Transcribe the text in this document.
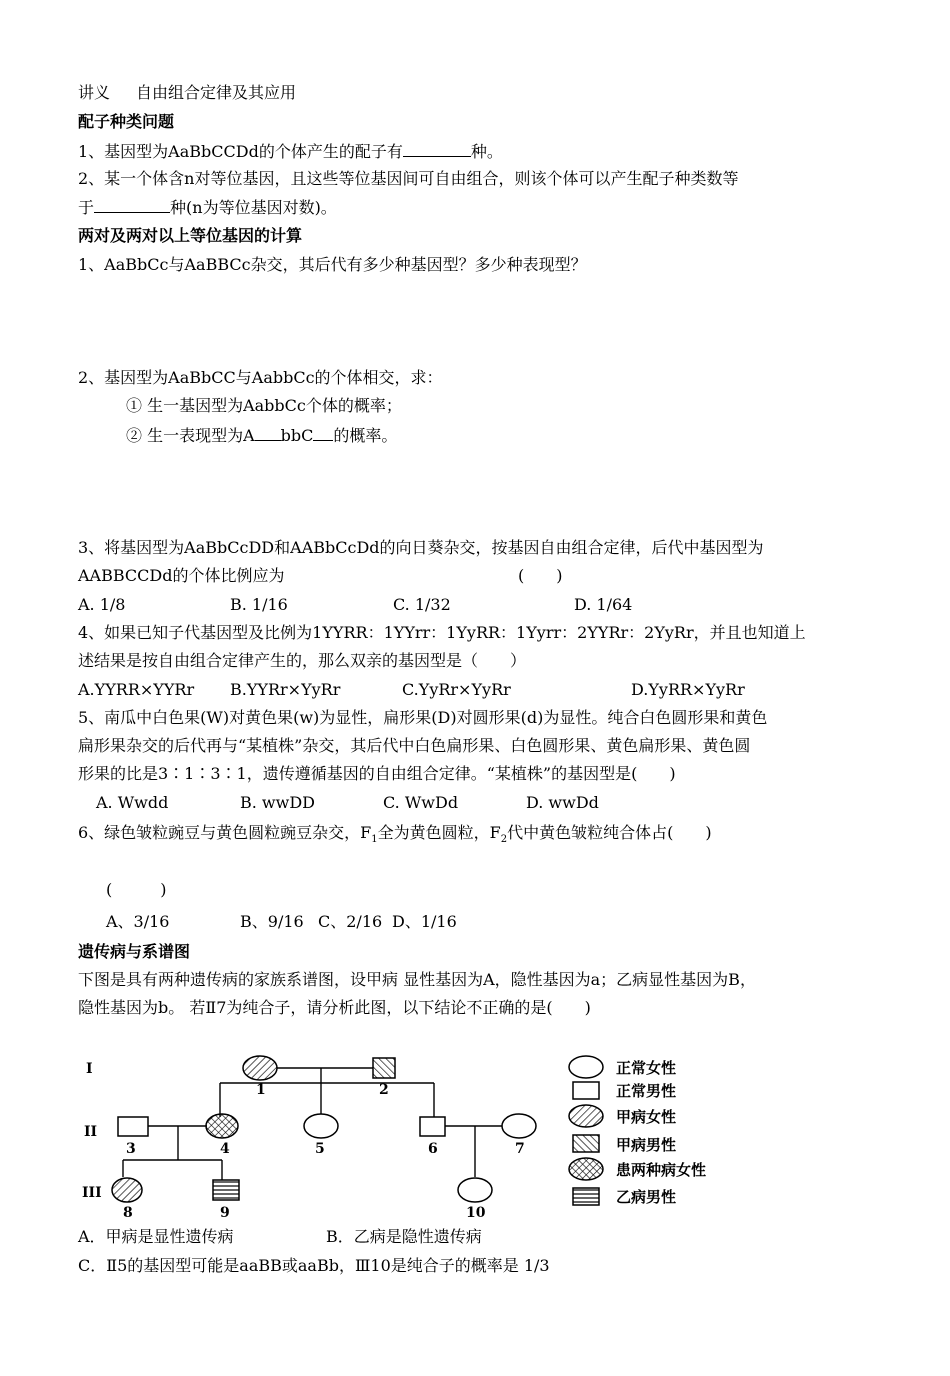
讲义 自由组合定律及其应用
配子种类问题
1、基因型为AaBbCCDd的个体产生的配子有	种。
2、某一个体含n对等位基因，且这些等位基因间可自由组合，则该个体可以产生配子种类数等
于	种(n为等位基因对数)。
两对及两对以上等位基因的计算
1、AaBbCc与AaBBCc杂交，其后代有多少种基因型？多少种表现型？
2、基因型为AaBbCC与AabbCc的个体相交，求：
① 生一基因型为AabbCc个体的概率；
② 生一表现型为A bbC 的概率。
3、将基因型为AaBbCcDD和AABbCcDd的向日葵杂交，按基因自由组合定律，后代中基因型为
AABBCCDd的个体比例应为	(　　)
A. 1/8	B. 1/16	C. 1/32	D. 1/64
4、如果已知子代基因型及比例为1YYRR：1YYrr：1YyRR：1Yyrr：2YYRr：2YyRr，并且也知道上
述结果是按自由组合定律产生的，那么双亲的基因型是（　　）
A.YYRR×YYRr B.YYRr×YyRr	C.YyRr×YyRr	D.YyRR×YyRr
5、南瓜中白色果(W)对黄色果(w)为显性，扁形果(D)对圆形果(d)为显性。纯合白色圆形果和黄色
扁形果杂交的后代再与“某植株”杂交，其后代中白色扁形果、白色圆形果、黄色扁形果、黄色圆
形果的比是3∶1∶3∶1，遗传遵循基因的自由组合定律。“某植株”的基因型是(　　)
A. Wwdd	B. wwDD	C. WwDd	D. wwDd
6、绿色皱粒豌豆与黄色圆粒豌豆杂交，$F_1$全为黄色圆粒，$F_2$代中黄色皱粒纯合体占(　　)
(　　　)
A、3/16	B、9/16 C、2/16 D、1/16
遗传病与系谱图
下图是具有两种遗传病的家族系谱图，设甲病 显性基因为A，隐性基因为a；乙病显性基因为B，
隐性基因为b。 若Ⅱ7为纯合子，请分析此图，以下结论不正确的是(　　)
I
II
III
1	2
3	4	5	6	7
8	9	10
正常女性
正常男性
甲病女性
甲病男性
患两种病女性
乙病男性
A．甲病是显性遗传病	B．乙病是隐性遗传病
C．Ⅱ5的基因型可能是aaBB或aaBb，Ⅲ10是纯合子的概率是 1/3
